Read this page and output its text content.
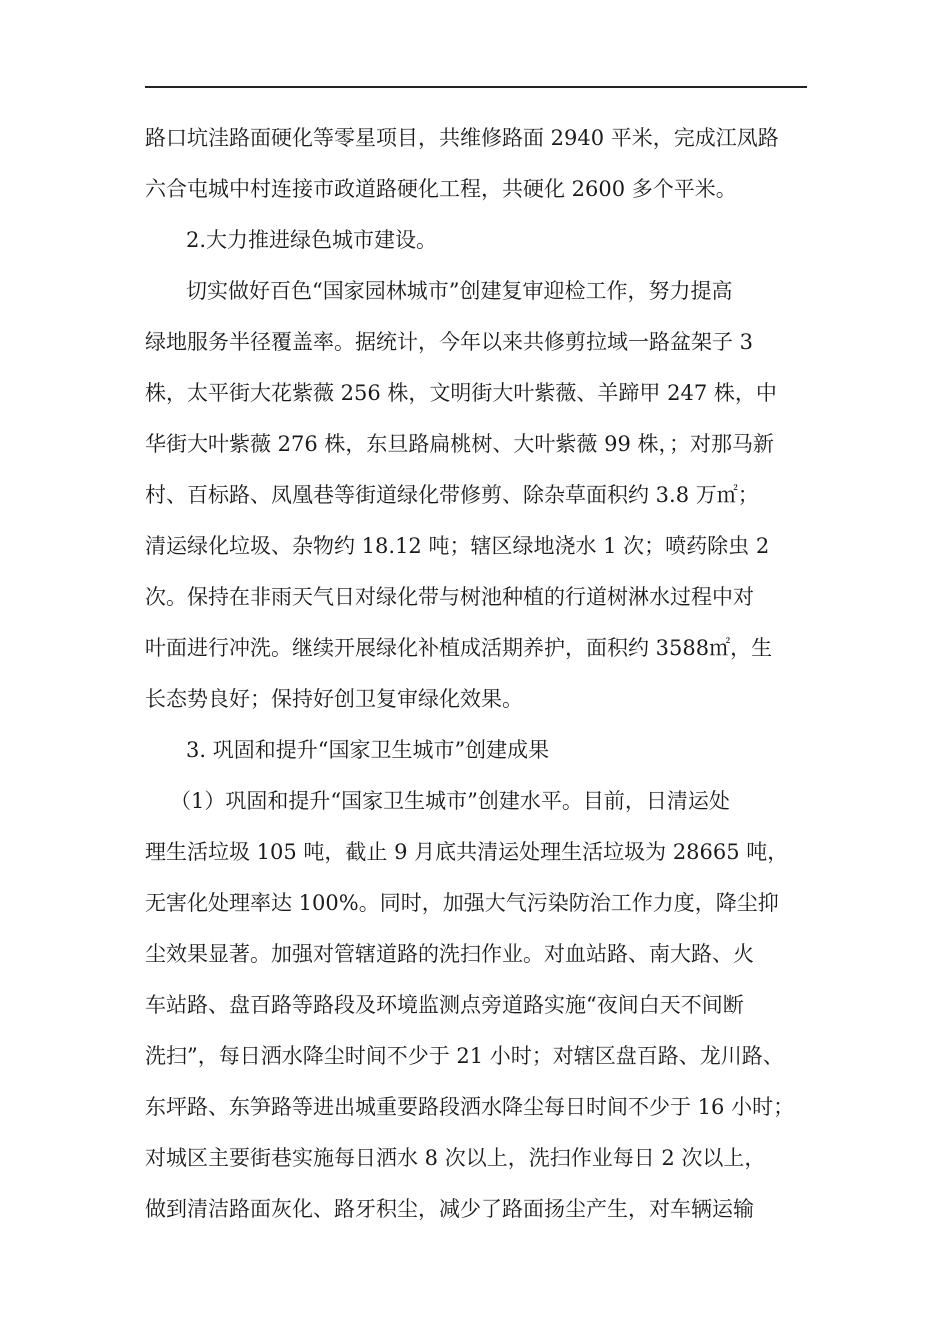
路口坑洼路面硬化等零星项目，共维修路面 2940 平米，完成江凤路
六合屯城中村连接市政道路硬化工程，共硬化 2600 多个平米。
2.大力推进绿色城市建设。
切实做好百色“国家园林城市”创建复审迎检工作，努力提高
绿地服务半径覆盖率。据统计，今年以来共修剪拉域一路盆架子 3
株，太平街大花紫薇 256 株，文明街大叶紫薇、羊蹄甲 247 株，中
华街大叶紫薇 276 株，东旦路扁桃树、大叶紫薇 99 株，；对那马新
村、百标路、凤凰巷等街道绿化带修剪、除杂草面积约 3.8 万㎡；
清运绿化垃圾、杂物约 18.12 吨；辖区绿地浇水 1 次；喷药除虫 2
次。保持在非雨天气日对绿化带与树池种植的行道树淋水过程中对
叶面进行冲洗。继续开展绿化补植成活期养护，面积约 3588㎡，生
长态势良好；保持好创卫复审绿化效果。
3. 巩固和提升“国家卫生城市”创建成果
（1）巩固和提升“国家卫生城市”创建水平。目前，日清运处
理生活垃圾 105 吨，截止 9 月底共清运处理生活垃圾为 28665 吨，
无害化处理率达 100%。同时，加强大气污染防治工作力度，降尘抑
尘效果显著。加强对管辖道路的洗扫作业。对血站路、南大路、火
车站路、盘百路等路段及环境监测点旁道路实施“夜间白天不间断
洗扫”，每日洒水降尘时间不少于 21 小时；对辖区盘百路、龙川路、
东坪路、东笋路等进出城重要路段洒水降尘每日时间不少于 16 小时；
对城区主要街巷实施每日洒水 8 次以上，洗扫作业每日 2 次以上，
做到清洁路面灰化、路牙积尘，减少了路面扬尘产生，对车辆运输
